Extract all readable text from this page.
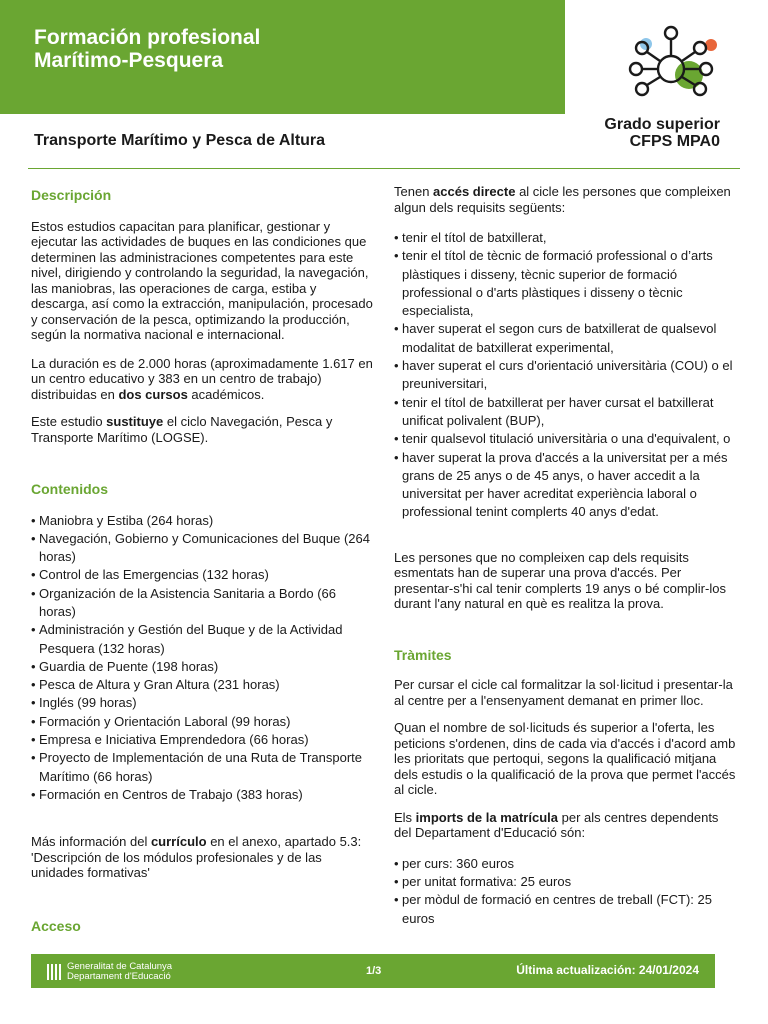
Formación profesional
Marítimo-Pesquera
Grado superior
CFPS MPA0
Transporte Marítimo y Pesca de Altura
Descripción

Estos estudios capacitan para planificar, gestionar y ejecutar las actividades de buques en las condiciones que determinen las administraciones competentes para este nivel, dirigiendo y controlando la seguridad, la navegación, las maniobras, las operaciones de carga, estiba y descarga, así como la extracción, manipulación, procesado y conservación de la pesca, optimizando la producción, según la normativa nacional e internacional.

La duración es de 2.000 horas (aproximadamente 1.617 en un centro educativo y 383 en un centro de trabajo) distribuidas en dos cursos académicos.

Este estudio sustituye el ciclo Navegación, Pesca y Transporte Marítimo (LOGSE).

Contenidos
• Maniobra y Estiba (264 horas)
• Navegación, Gobierno y Comunicaciones del Buque (264 horas)
• Control de las Emergencias (132 horas)
• Organización de la Asistencia Sanitaria a Bordo (66 horas)
• Administración y Gestión del Buque y de la Actividad Pesquera (132 horas)
• Guardia de Puente (198 horas)
• Pesca de Altura y Gran Altura (231 horas)
• Inglés (99 horas)
• Formación y Orientación Laboral (99 horas)
• Empresa e Iniciativa Emprendedora (66 horas)
• Proyecto de Implementación de una Ruta de Transporte Marítimo (66 horas)
• Formación en Centros de Trabajo (383 horas)

Más información del currículo en el anexo, apartado 5.3: 'Descripción de los módulos profesionales y de las unidades formativas'

Acceso

Tenen accés directe al cicle les persones que compleixen algun dels requisits següents:

• tenir el títol de batxillerat,
• tenir el títol de tècnic de formació professional o d’arts plàstiques i disseny, tècnic superior de formació professional o d'arts plàstiques i disseny o tècnic especialista,
• haver superat el segon curs de batxillerat de qualsevol modalitat de batxillerat experimental,
• haver superat el curs d'orientació universitària (COU) o el preuniversitari,
• tenir el títol de batxillerat per haver cursat el batxillerat unificat polivalent (BUP),
• tenir qualsevol titulació universitària o una d'equivalent, o
• haver superat la prova d'accés a la universitat per a més grans de 25 anys o de 45 anys, o haver accedit a la universitat per haver acreditat experiència laboral o professional tenint complerts 40 anys d'edat.

Les persones que no compleixen cap dels requisits esmentats han de superar una prova d'accés. Per presentar-s'hi cal tenir complerts 19 anys o bé complir-los durant l'any natural en què es realitza la prova.

Tràmites

Per cursar el cicle cal formalitzar la sol·licitud i presentar-la al centre per a l'ensenyament demanat en primer lloc.

Quan el nombre de sol·licituds és superior a l'oferta, les peticions s'ordenen, dins de cada via d'accés i d'acord amb les prioritats que pertoqui, segons la qualificació mitjana dels estudis o la qualificació de la prova que permet l'accés al cicle.

Els imports de la matrícula per als centres dependents del Departament d'Educació són:

• per curs: 360 euros
• per unitat formativa: 25 euros
• per mòdul de formació en centres de treball (FCT): 25 euros
Generalitat de Catalunya
Departament d'Educació	1/3	Última actualización: 24/01/2024
